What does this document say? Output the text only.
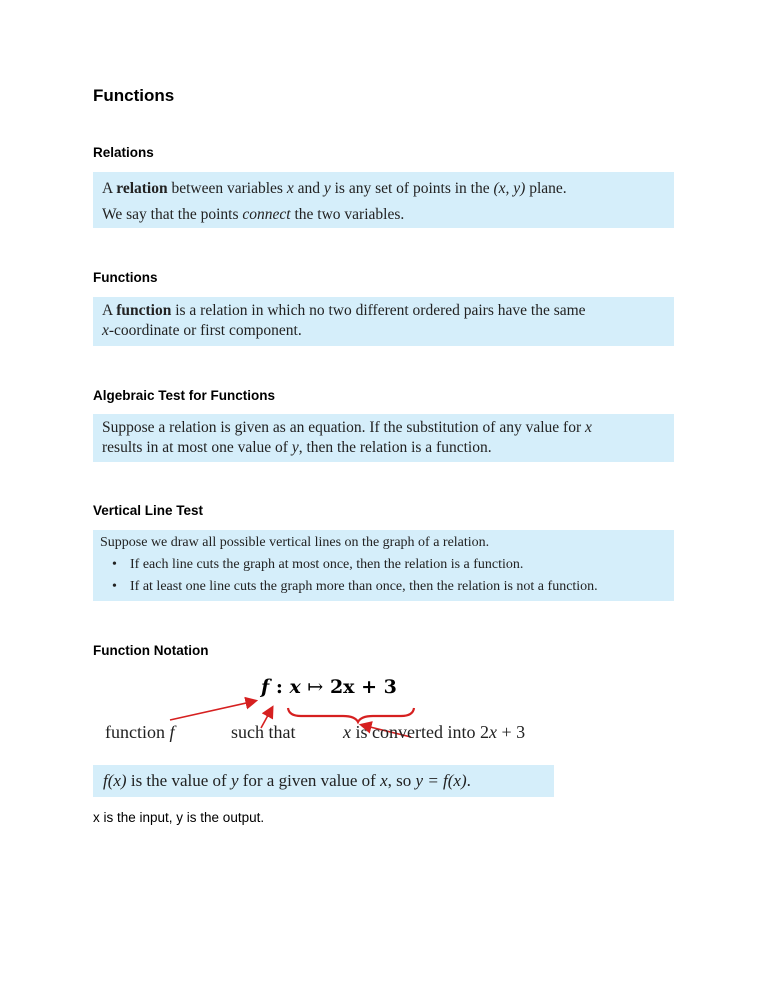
Functions
Relations

A relation between variables x and y is any set of points in the (x, y) plane.

We say that the points connect the two variables.

Functions

A function is a relation in which no two different ordered pairs have the same

x-coordinate or first component.

Algebraic Test for Functions

Suppose a relation is given as an equation. If the substitution of any value for x

results in at most one value of y, then the relation is a function.

Vertical Line Test

Suppose we draw all possible vertical lines on the graph of a relation.

• If each line cuts the graph at most once, then the relation is a function.
• If at least one line cuts the graph more than once, then the relation is not a function.
Function Notation
f : x ↦ 2x + 3
function f	such that	x is converted into 2x + 3
f(x) is the value of y for a given value of x, so y = f(x).
x is the input, y is the output.
